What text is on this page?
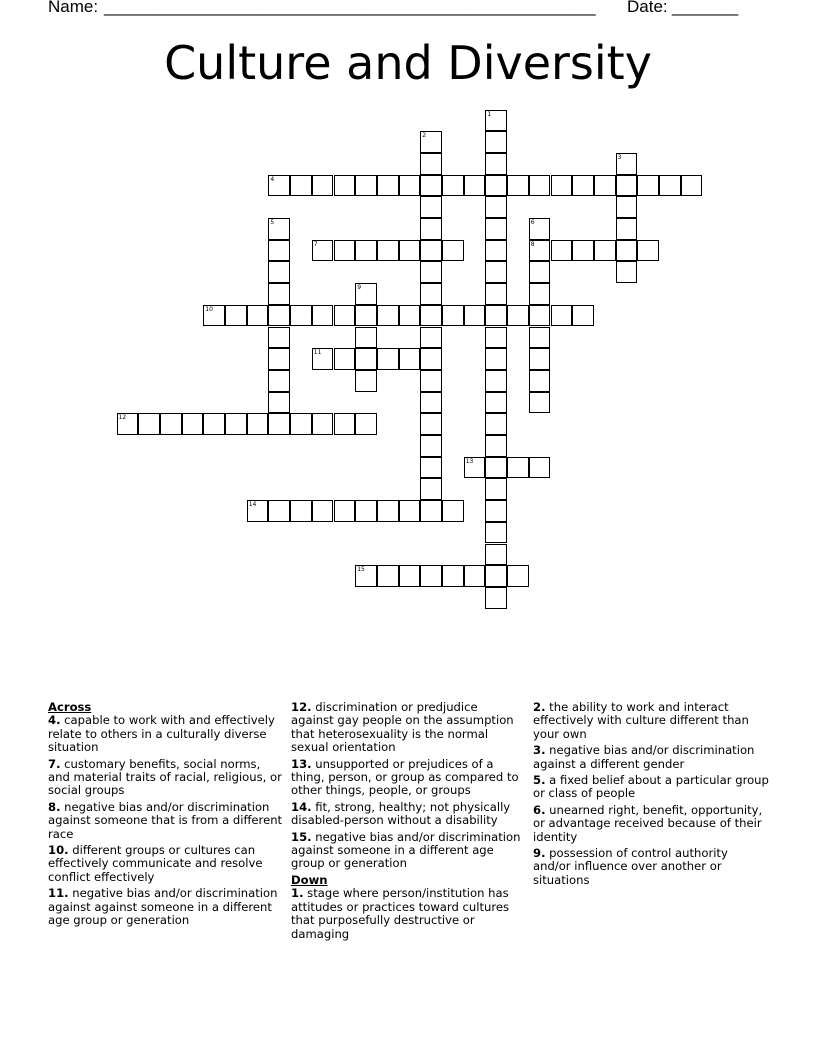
Name: ____________________________________________________ Date: _______
Culture and Diversity
1
2
3
4
5	6
8
7
9
10
11
12
13
14
15
Across
4. capable to work with and effectively relate to others in a culturally diverse situation
7. customary benefits, social norms, and material traits of racial, religious, or social groups
8. negative bias and/or discrimination against someone that is from a different race
10. different groups or cultures can effectively communicate and resolve conflict effectively
11. negative bias and/or discrimination against against someone in a different age group or generation
12. discrimination or predjudice against gay people on the assumption that heterosexuality is the normal sexual orientation
13. unsupported or prejudices of a thing, person, or group as compared to other things, people, or groups
14. fit, strong, healthy; not physically disabled-person without a disability
15. negative bias and/or discrimination against someone in a different age group or generation
Down
1. stage where person/institution has attitudes or practices toward cultures that purposefully destructive or damaging
2. the ability to work and interact effectively with culture different than your own
3. negative bias and/or discrimination against a different gender
5. a fixed belief about a particular group or class of people
6. unearned right, benefit, opportunity, or advantage received because of their identity
9. possession of control authority and/or influence over another or situations
